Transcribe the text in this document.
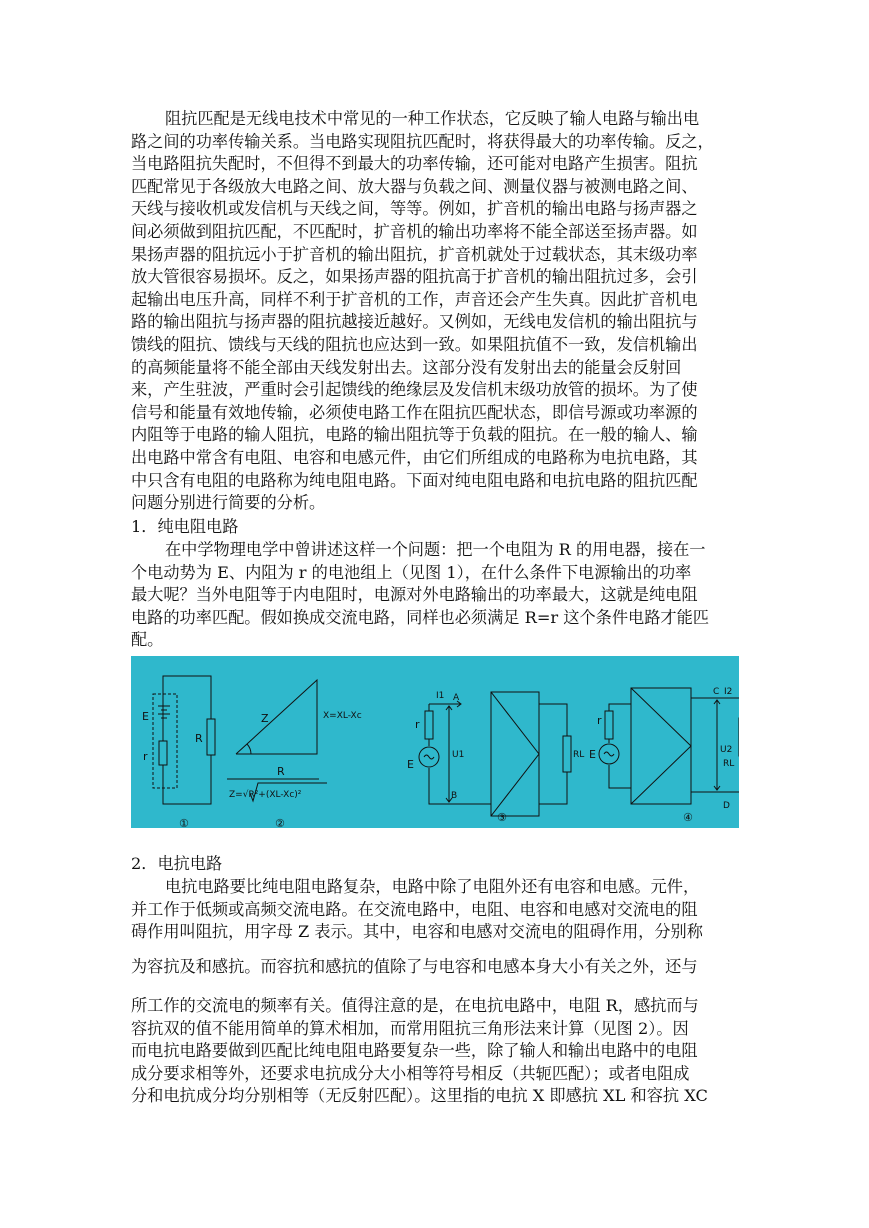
阻抗匹配是无线电技术中常见的一种工作状态，它反映了输人电路与输出电
路之间的功率传输关系。当电路实现阻抗匹配时，将获得最大的功率传输。反之，
当电路阻抗失配时，不但得不到最大的功率传输，还可能对电路产生损害。阻抗
匹配常见于各级放大电路之间、放大器与负载之间、测量仪器与被测电路之间、
天线与接收机或发信机与天线之间，等等。例如，扩音机的输出电路与扬声器之
间必须做到阻抗匹配，不匹配时，扩音机的输出功率将不能全部送至扬声器。如
果扬声器的阻抗远小于扩音机的输出阻抗，扩音机就处于过载状态，其末级功率
放大管很容易损坏。反之，如果扬声器的阻抗高于扩音机的输出阻抗过多，会引
起输出电压升高，同样不利于扩音机的工作，声音还会产生失真。因此扩音机电
路的输出阻抗与扬声器的阻抗越接近越好。又例如，无线电发信机的输出阻抗与
馈线的阻抗、馈线与天线的阻抗也应达到一致。如果阻抗值不一致，发信机输出
的高频能量将不能全部由天线发射出去。这部分没有发射出去的能量会反射回
来，产生驻波，严重时会引起馈线的绝缘层及发信机末级功放管的损坏。为了使
信号和能量有效地传输，必须使电路工作在阻抗匹配状态，即信号源或功率源的
内阻等于电路的输人阻抗，电路的输出阻抗等于负载的阻抗。在一般的输人、输
出电路中常含有电阻、电容和电感元件，由它们所组成的电路称为电抗电路，其
中只含有电阻的电路称为纯电阻电路。下面对纯电阻电路和电抗电路的阻抗匹配
问题分别进行简要的分析。
1．纯电阻电路
在中学物理电学中曾讲述这样一个问题：把一个电阻为 R 的用电器，接在一
个电动势为 E、内阻为 r 的电池组上（见图 1），在什么条件下电源输出的功率
最大呢？当外电阻等于内电阻时，电源对外电路输出的功率最大，这就是纯电阻
电路的功率匹配。假如换成交流电路，同样也必须满足 R=r 这个条件电路才能匹
配。
E
r
R
①
Z	X=XL-Xc
R
Z=√R²+(XL-Xc)²
②
I1 A
r
U1
E
B
RL
③
r
C I2
U2
E
D
RL
④
2．电抗电路
电抗电路要比纯电阻电路复杂，电路中除了电阻外还有电容和电感。元件，
并工作于低频或高频交流电路。在交流电路中，电阻、电容和电感对交流电的阻
碍作用叫阻抗，用字母 Z 表示。其中，电容和电感对交流电的阻碍作用，分别称
为容抗及和感抗。而容抗和感抗的值除了与电容和电感本身大小有关之外，还与
所工作的交流电的频率有关。值得注意的是，在电抗电路中，电阻 R，感抗而与
容抗双的值不能用简单的算术相加，而常用阻抗三角形法来计算（见图 2）。因
而电抗电路要做到匹配比纯电阻电路要复杂一些，除了输人和输出电路中的电阻
成分要求相等外，还要求电抗成分大小相等符号相反（共轭匹配）；或者电阻成
分和电抗成分均分别相等（无反射匹配）。这里指的电抗 X 即感抗 XL 和容抗 XC
